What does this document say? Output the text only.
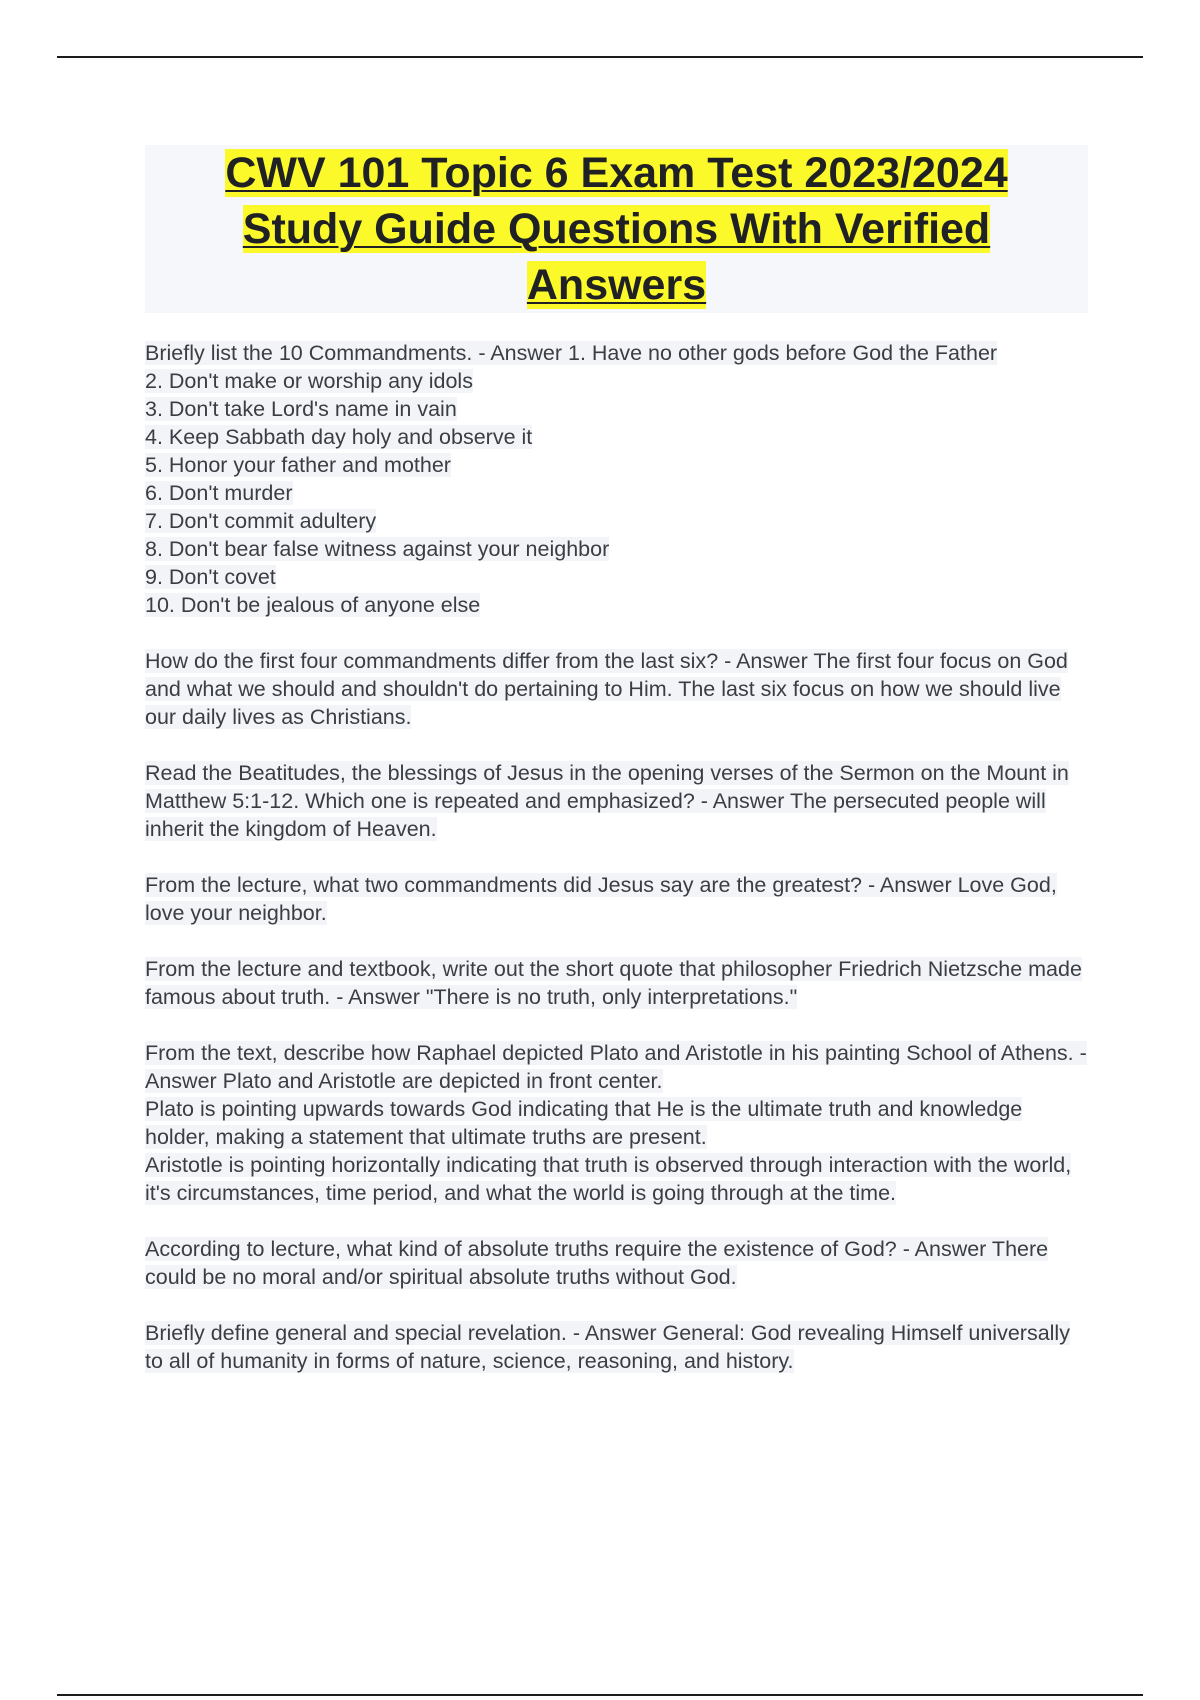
CWV 101 Topic 6 Exam Test 2023/2024
Study Guide Questions With Verified
Answers

Briefly list the 10 Commandments. - Answer 1. Have no other gods before God the Father

2. Don't make or worship any idols

3. Don't take Lord's name in vain

4. Keep Sabbath day holy and observe it

5. Honor your father and mother

6. Don't murder

7. Don't commit adultery

8. Don't bear false witness against your neighbor

9. Don't covet

10. Don't be jealous of anyone else

How do the first four commandments differ from the last six? - Answer The first four focus on God and what we should and shouldn't do pertaining to Him. The last six focus on how we should live our daily lives as Christians.

Read the Beatitudes, the blessings of Jesus in the opening verses of the Sermon on the Mount in Matthew 5:1-12. Which one is repeated and emphasized? - Answer The persecuted people will inherit the kingdom of Heaven.

From the lecture, what two commandments did Jesus say are the greatest? - Answer Love God, love your neighbor.

From the lecture and textbook, write out the short quote that philosopher Friedrich Nietzsche made famous about truth. - Answer "There is no truth, only interpretations."

From the text, describe how Raphael depicted Plato and Aristotle in his painting School of Athens. - Answer Plato and Aristotle are depicted in front center.

Plato is pointing upwards towards God indicating that He is the ultimate truth and knowledge holder, making a statement that ultimate truths are present.

Aristotle is pointing horizontally indicating that truth is observed through interaction with the world, it's circumstances, time period, and what the world is going through at the time.

According to lecture, what kind of absolute truths require the existence of God? - Answer There could be no moral and/or spiritual absolute truths without God.

Briefly define general and special revelation. - Answer General: God revealing Himself universally to all of humanity in forms of nature, science, reasoning, and history.
